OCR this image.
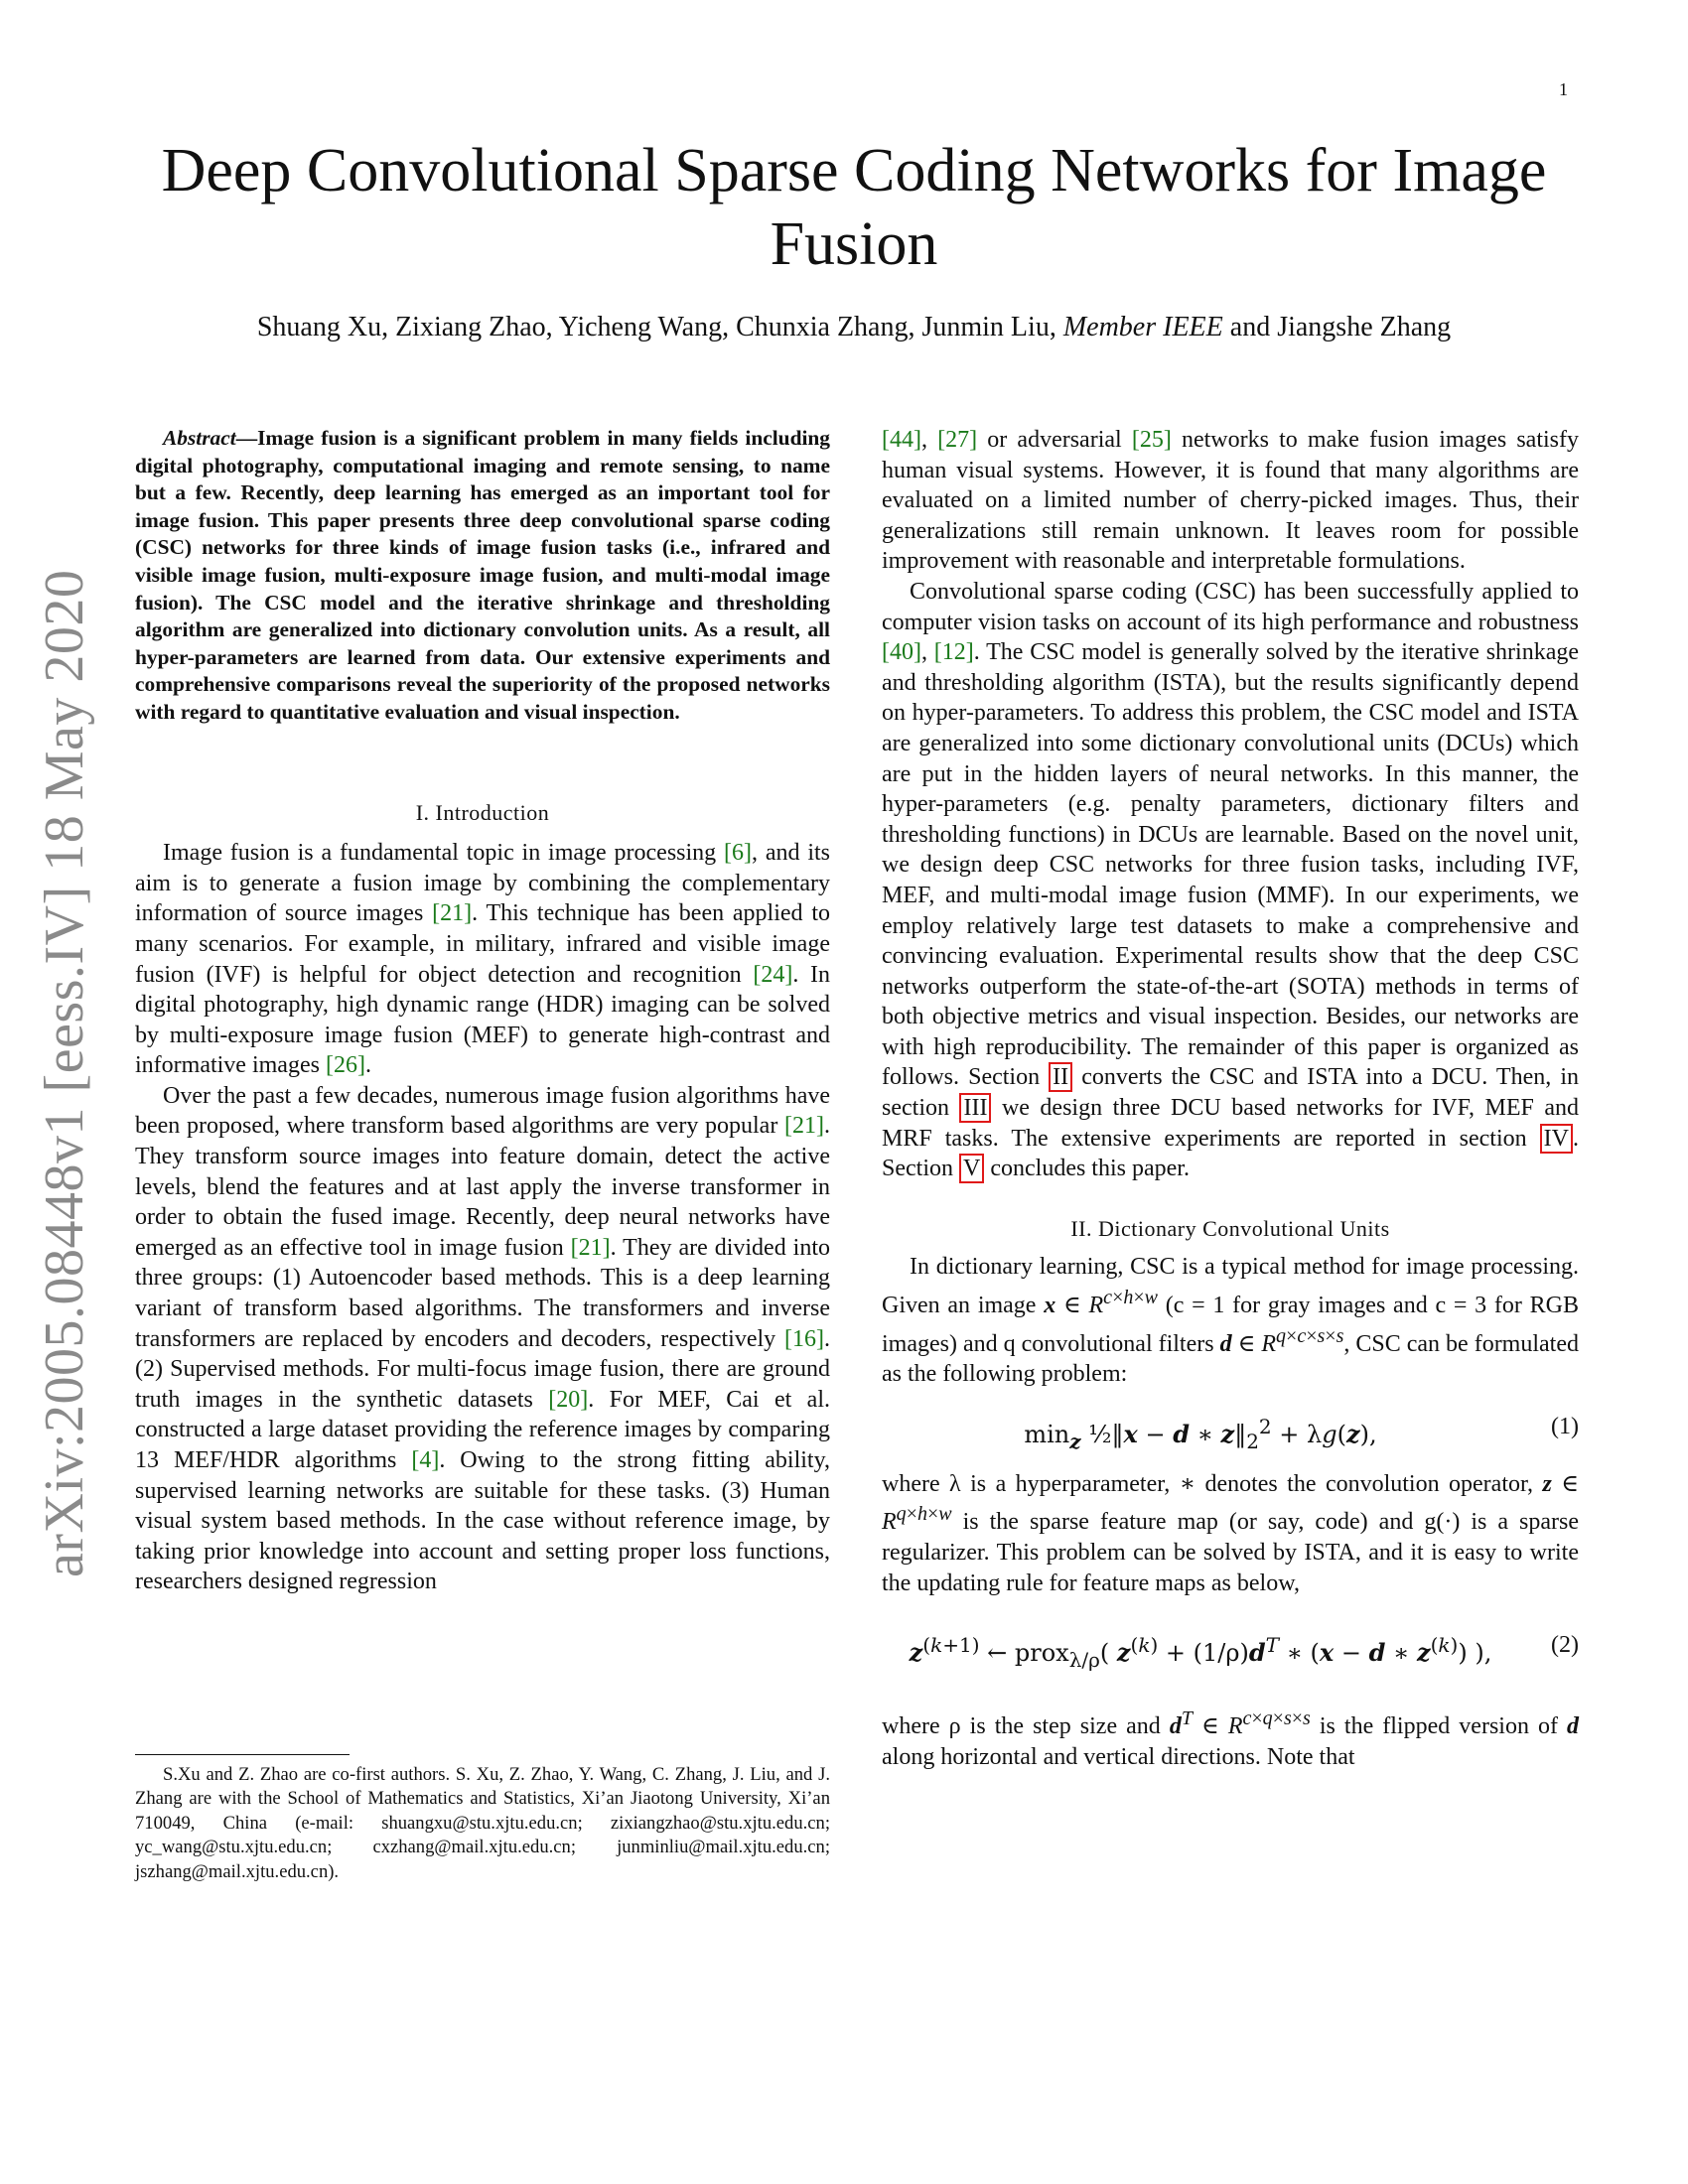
1
arXiv:2005.08448v1 [eess.IV] 18 May 2020
Deep Convolutional Sparse Coding Networks for Image Fusion
Shuang Xu, Zixiang Zhao, Yicheng Wang, Chunxia Zhang, Junmin Liu, Member IEEE and Jiangshe Zhang

Abstract—Image fusion is a significant problem in many fields including digital photography, computational imaging and remote sensing, to name but a few. Recently, deep learning has emerged as an important tool for image fusion. This paper presents three deep convolutional sparse coding (CSC) networks for three kinds of image fusion tasks (i.e., infrared and visible image fusion, multi-exposure image fusion, and multi-modal image fusion). The CSC model and the iterative shrinkage and thresholding algorithm are generalized into dictionary convolution units. As a result, all hyper-parameters are learned from data. Our extensive experiments and comprehensive comparisons reveal the superiority of the proposed networks with regard to quantitative evaluation and visual inspection.

I. Introduction

Image fusion is a fundamental topic in image processing [6], and its aim is to generate a fusion image by combining the complementary information of source images [21]. This technique has been applied to many scenarios. For example, in military, infrared and visible image fusion (IVF) is helpful for object detection and recognition [24]. In digital photography, high dynamic range (HDR) imaging can be solved by multi-exposure image fusion (MEF) to generate high-contrast and informative images [26].

Over the past a few decades, numerous image fusion algorithms have been proposed, where transform based algorithms are very popular [21]. They transform source images into feature domain, detect the active levels, blend the features and at last apply the inverse transformer in order to obtain the fused image. Recently, deep neural networks have emerged as an effective tool in image fusion [21]. They are divided into three groups: (1) Autoencoder based methods. This is a deep learning variant of transform based algorithms. The transformers and inverse transformers are replaced by encoders and decoders, respectively [16]. (2) Supervised methods. For multi-focus image fusion, there are ground truth images in the synthetic datasets [20]. For MEF, Cai et al. constructed a large dataset providing the reference images by comparing 13 MEF/HDR algorithms [4]. Owing to the strong fitting ability, supervised learning networks are suitable for these tasks. (3) Human visual system based methods. In the case without reference image, by taking prior knowledge into account and setting proper loss functions, researchers designed regression

S.Xu and Z. Zhao are co-first authors. S. Xu, Z. Zhao, Y. Wang, C. Zhang, J. Liu, and J. Zhang are with the School of Mathematics and Statistics, Xi’an Jiaotong University, Xi’an 710049, China (e-mail: shuangxu@stu.xjtu.edu.cn; zixiangzhao@stu.xjtu.edu.cn; yc_wang@stu.xjtu.edu.cn; cxzhang@mail.xjtu.edu.cn; junminliu@mail.xjtu.edu.cn; jszhang@mail.xjtu.edu.cn).

[44], [27] or adversarial [25] networks to make fusion images satisfy human visual systems. However, it is found that many algorithms are evaluated on a limited number of cherry-picked images. Thus, their generalizations still remain unknown. It leaves room for possible improvement with reasonable and interpretable formulations.

Convolutional sparse coding (CSC) has been successfully applied to computer vision tasks on account of its high performance and robustness [40], [12]. The CSC model is generally solved by the iterative shrinkage and thresholding algorithm (ISTA), but the results significantly depend on hyper-parameters. To address this problem, the CSC model and ISTA are generalized into some dictionary convolutional units (DCUs) which are put in the hidden layers of neural networks. In this manner, the hyper-parameters (e.g. penalty parameters, dictionary filters and thresholding functions) in DCUs are learnable. Based on the novel unit, we design deep CSC networks for three fusion tasks, including IVF, MEF, and multi-modal image fusion (MMF). In our experiments, we employ relatively large test datasets to make a comprehensive and convincing evaluation. Experimental results show that the deep CSC networks outperform the state-of-the-art (SOTA) methods in terms of both objective metrics and visual inspection. Besides, our networks are with high reproducibility. The remainder of this paper is organized as follows. Section II converts the CSC and ISTA into a DCU. Then, in section III we design three DCU based networks for IVF, MEF and MRF tasks. The extensive experiments are reported in section IV . Section V concludes this paper.

II. Dictionary Convolutional Units

In dictionary learning, CSC is a typical method for image processing. Given an image x ∈ $R^{c\times h\times w}$ (c = 1 for gray images and c = 3 for RGB images) and q convolutional filters d ∈ $R^{q\times c\times s\times s}$, CSC can be formulated as the following problem:

$\min_z$ ½‖x − d ∗ $z‖_2^2 + \lambda g(z)$,	(1)

where λ is a hyperparameter, ∗ denotes the convolution operator, z ∈ $R^{q\times h\times w}$ is the sparse feature map (or say, code) and g(·) is a sparse regularizer. This problem can be solved by ISTA, and it is easy to write the updating rule for feature maps as below,

$z^{(k+1)}$ ← prox$_{\lambda/\rho}$( $z^{(k)} + (1/\rho)d^T$ ∗ (x − d ∗ $z^{(k)}$) ),	(2)

where ρ is the step size and $d^T$ ∈ $R^{c\times q\times s\times s}$ is the flipped version of d along horizontal and vertical directions. Note that
